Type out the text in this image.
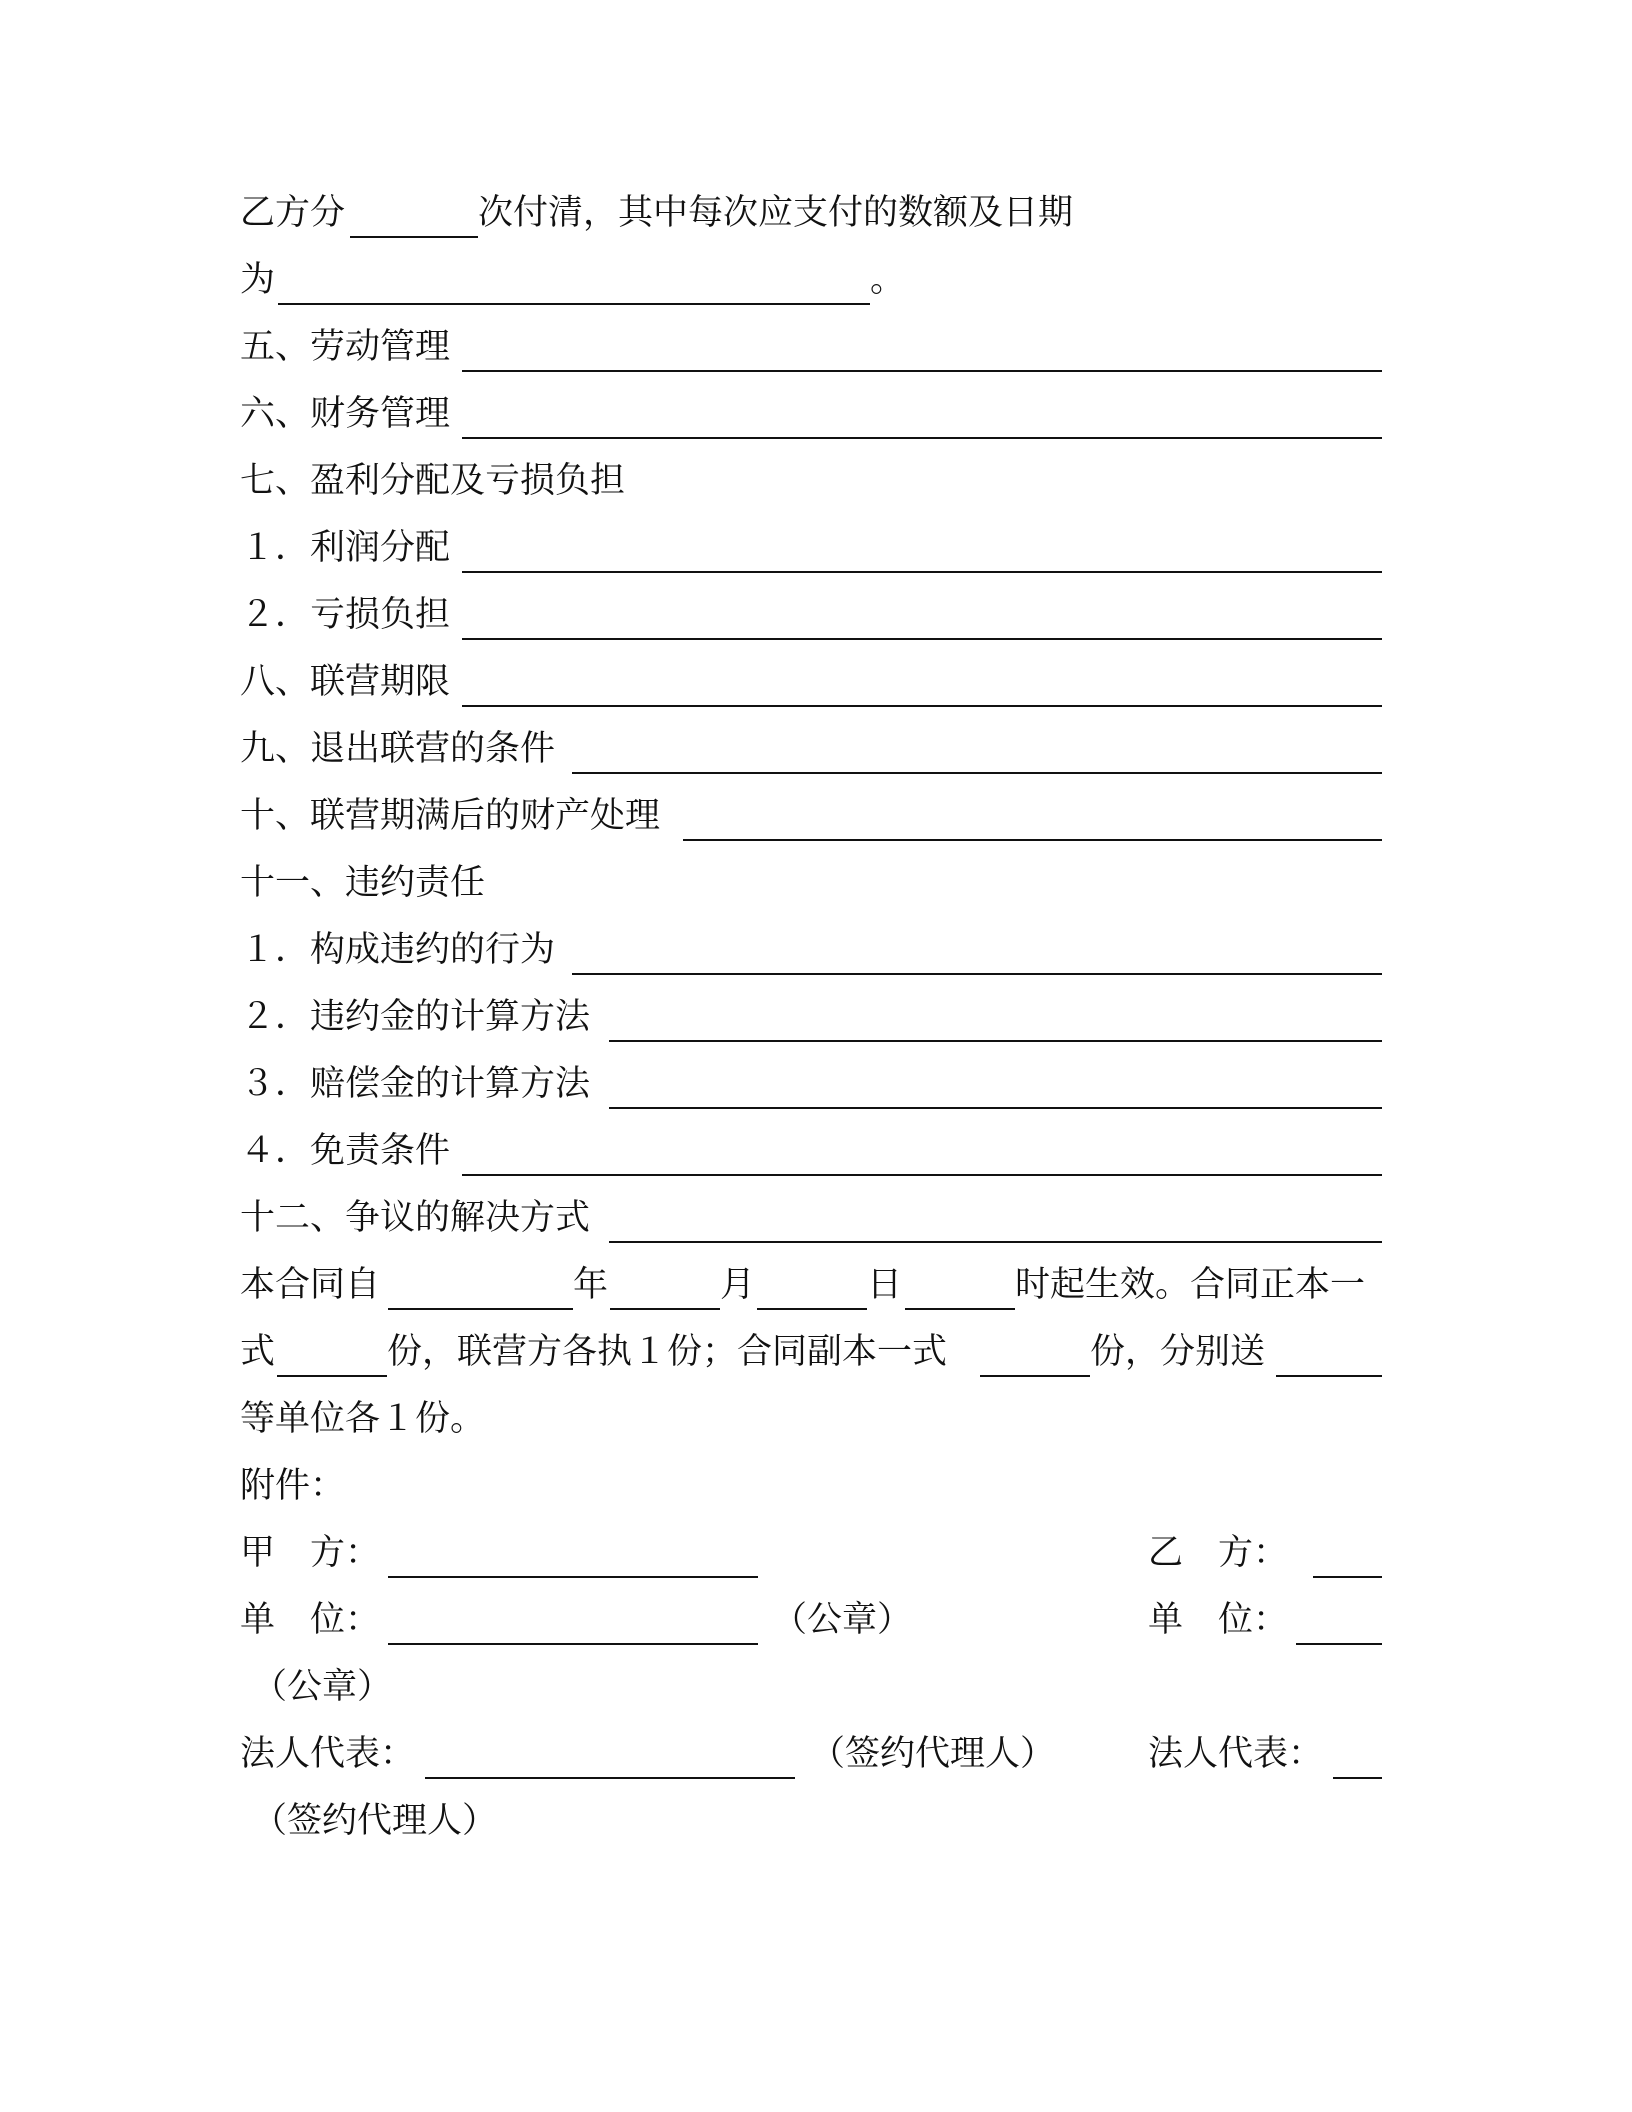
乙方分	次付清，其中每次应支付的数额及日期
为	。
五、劳动管理
六、财务管理
七、盈利分配及亏损负担
１．利润分配
２．亏损负担
八、联营期限
九、退出联营的条件
十、联营期满后的财产处理
十一、违约责任
１．构成违约的行为
２．违约金的计算方法
３．赔偿金的计算方法
４．免责条件
十二、争议的解决方式
本合同自	年	月	日	时起生效。合同正本一
式	份，联营方各执１份；合同副本一式	份，分别送
等单位各１份。
附件：
甲　方：	乙　方：
单　位：	（公章）	单　位：
（公章）
法人代表：	（签约代理人）	法人代表：
（签约代理人）
